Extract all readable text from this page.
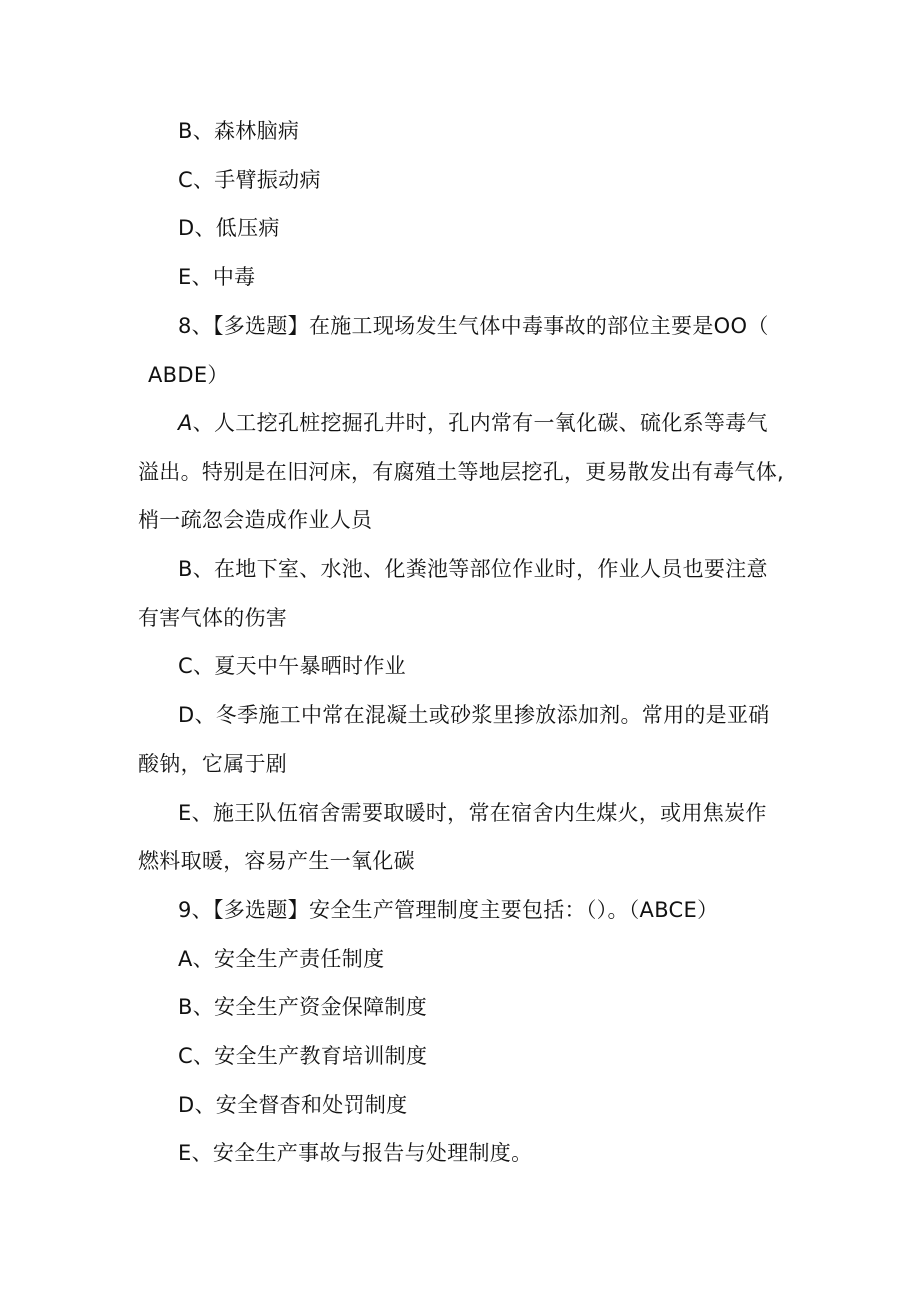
B、森林脑病
C、手臂振动病
D、低压病
E、中毒
8、【多选题】在施工现场发生气体中毒事故的部位主要是OO（
ABDE）
A、人工挖孔桩挖掘孔井时，孔内常有一氧化碳、硫化系等毒气
溢出。特别是在旧河床，有腐殖土等地层挖孔，更易散发出有毒气体,
梢一疏忽会造成作业人员
B、在地下室、水池、化粪池等部位作业时，作业人员也要注意
有害气体的伤害
C、夏天中午暴晒时作业
D、冬季施工中常在混凝土或砂浆里掺放添加剂。常用的是亚硝
酸钠，它属于剧
E、施王队伍宿舍需要取暖时，常在宿舍内生煤火，或用焦炭作
燃料取暖，容易产生一氧化碳
9、【多选题】安全生产管理制度主要包括：（）。（ABCE）
A、安全生产责任制度
B、安全生产资金保障制度
C、安全生产教育培训制度
D、安全督杳和处罚制度
E、安全生产事故与报告与处理制度。
